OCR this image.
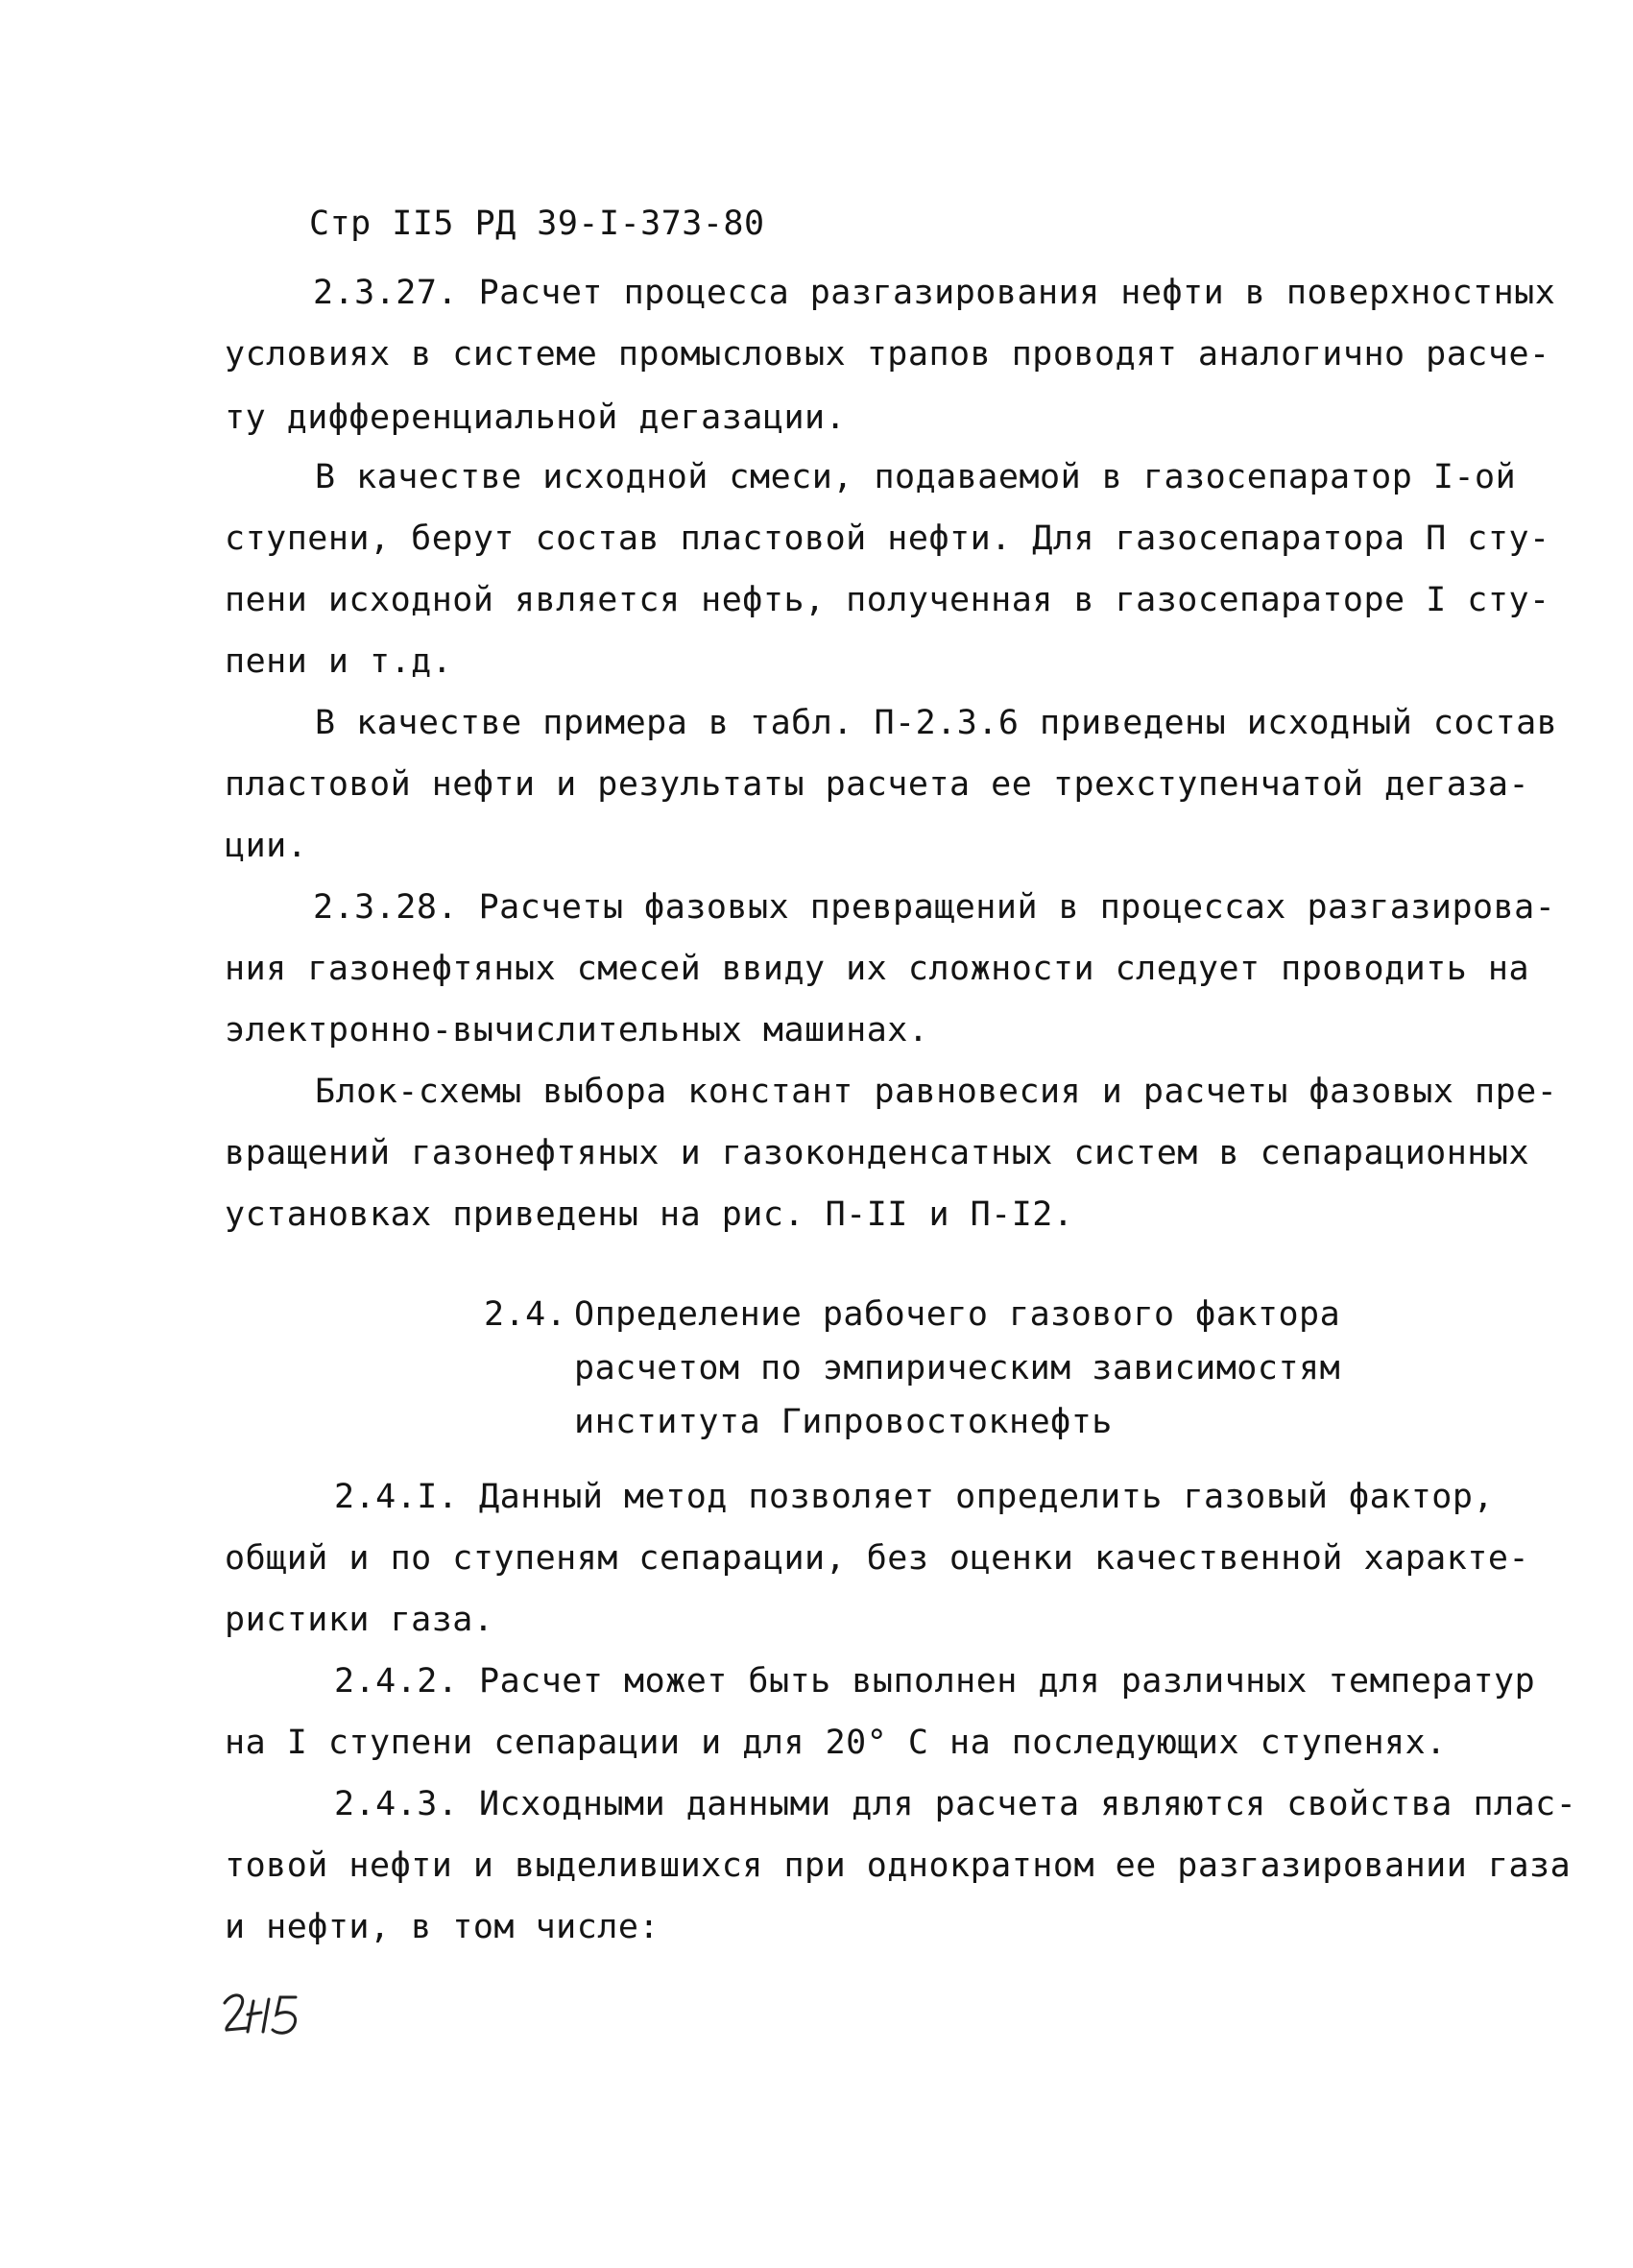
Стр II5 РД 39-I-373-80
2.3.27. Расчет процесса разгазирования нефти в поверхностных
условиях в системе промысловых трапов проводят аналогично расче-
ту дифференциальной дегазации.
В качестве исходной смеси, подаваемой в газосепаратор I-ой
ступени, берут состав пластовой нефти. Для газосепаратора П сту-
пени исходной является нефть, полученная в газосепараторе I сту-
пени и т.д.
В качестве примера в табл. П-2.3.6 приведены исходный состав
пластовой нефти и результаты расчета ее трехступенчатой дегаза-
ции.
2.3.28. Расчеты фазовых превращений в процессах разгазирова-
ния газонефтяных смесей ввиду их сложности следует проводить на
электронно-вычислительных машинах.
Блок-схемы выбора констант равновесия и расчеты фазовых пре-
вращений газонефтяных и газоконденсатных систем в сепарационных
установках приведены на рис. П-II и П-I2.
2.4. Определение рабочего газового фактора
расчетом по эмпирическим зависимостям
института Гипровостокнефть
2.4.I. Данный метод позволяет определить газовый фактор,
общий и по ступеням сепарации, без оценки качественной характе-
ристики газа.
2.4.2. Расчет может быть выполнен для различных температур
на I ступени сепарации и для 20° С на последующих ступенях.
2.4.3. Исходными данными для расчета являются свойства плас-
товой нефти и выделившихся при однократном ее разгазировании газа
и нефти, в том числе:
